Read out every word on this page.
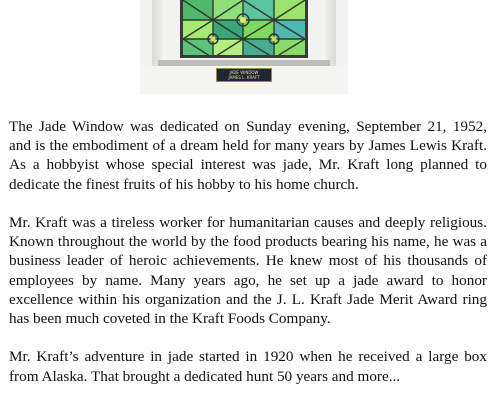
JADE WINDOW
JAMES L. KRAFT

The Jade Window was dedicated on Sunday evening, September 21, 1952, and is the embodiment of a dream held for many years by James Lewis Kraft. As a hobbyist whose special interest was jade, Mr. Kraft long planned to dedicate the finest fruits of his hobby to his home church.

Mr. Kraft was a tireless worker for humanitarian causes and deeply religious. Known throughout the world by the food products bearing his name, he was a business leader of heroic achievements. He knew most of his thousands of employees by name. Many years ago, he set up a jade award to honor excellence within his organization and the J. L. Kraft Jade Merit Award ring has been much coveted in the Kraft Foods Company.

Mr. Kraft’s adventure in jade started in 1920 when he received a large box from Alaska. That brought a dedicated hunt 50 years and more...
